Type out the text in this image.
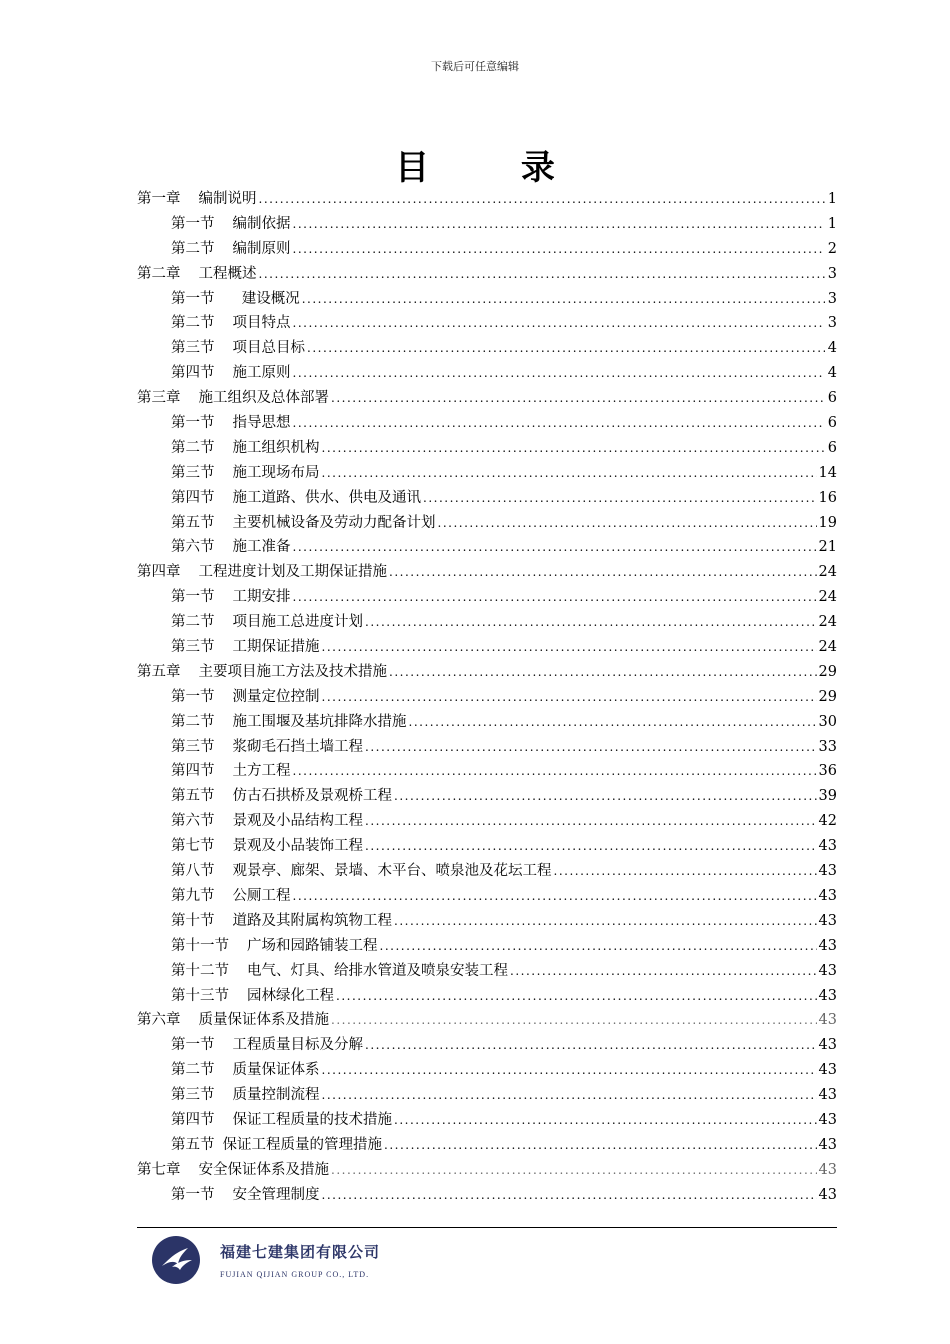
下载后可任意编辑
目 录
第一章 编制说明 .....	1
第一节 编制依据 .....	1
第二节 编制原则 .....	2
第二章 工程概述 .....	3
第一节  建设概况 .....	3
第二节 项目特点 .....	3
第三节 项目总目标 .....	4
第四节 施工原则 .....	4
第三章 施工组织及总体部署 .....	6
第一节 指导思想 .....	6
第二节 施工组织机构 .....	6
第三节 施工现场布局 .....	14
第四节 施工道路、供水、供电及通讯 .....	16
第五节 主要机械设备及劳动力配备计划 .....	19
第六节 施工准备 .....	21
第四章 工程进度计划及工期保证措施 .....	24
第一节 工期安排 .....	24
第二节 项目施工总进度计划 .....	24
第三节 工期保证措施 .....	24
第五章 主要项目施工方法及技术措施 .....	29
第一节 测量定位控制 .....	29
第二节 施工围堰及基坑排降水措施 .....	30
第三节 浆砌毛石挡土墙工程 .....	33
第四节 土方工程 .....	36
第五节 仿古石拱桥及景观桥工程 .....	39
第六节 景观及小品结构工程 .....	42
第七节 景观及小品装饰工程 .....	43
第八节 观景亭、廊架、景墙、木平台、喷泉池及花坛工程 .....	43
第九节 公厕工程 .....	43
第十节 道路及其附属构筑物工程 .....	43
第十一节 广场和园路铺装工程 .....	43
第十二节 电气、灯具、给排水管道及喷泉安装工程 .....	43
第十三节 园林绿化工程 .....	43
第六章 质量保证体系及措施 .....	43
第一节 工程质量目标及分解 .....	43
第二节 质量保证体系 .....	43
第三节 质量控制流程 .....	43
第四节 保证工程质量的技术措施 .....	43
第五节 保证工程质量的管理措施 .....	43
第七章 安全保证体系及措施 .....	43
第一节 安全管理制度 .....	43
福建七建集团有限公司
FUJIAN QIJIAN GROUP CO., LTD.
